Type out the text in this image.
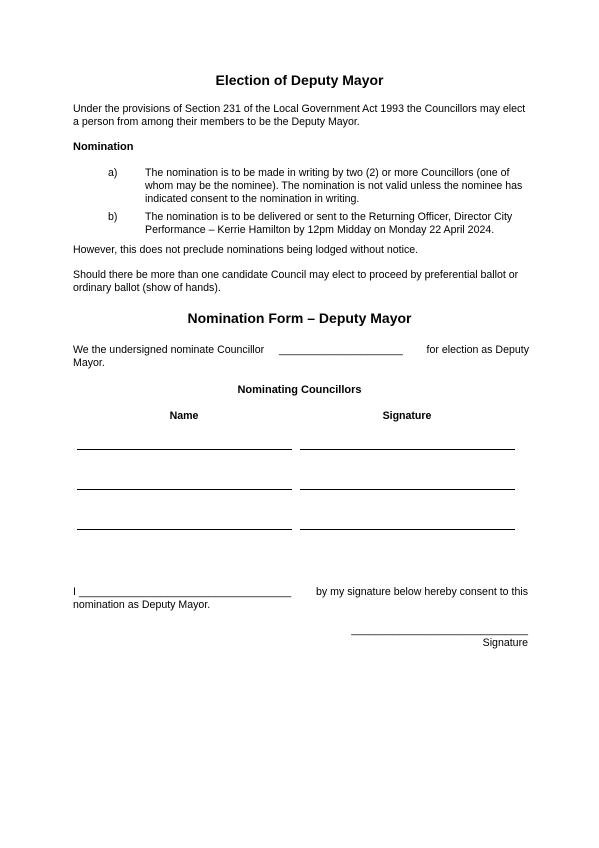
Election of Deputy Mayor
Under the provisions of Section 231 of the Local Government Act 1993 the Councillors may elect a person from among their members to be the Deputy Mayor.
Nomination
a)	The nomination is to be made in writing by two (2) or more Councillors (one of whom may be the nominee). The nomination is not valid unless the nominee has indicated consent to the nomination in writing.
b)	The nomination is to be delivered or sent to the Returning Officer, Director City Performance – Kerrie Hamilton by 12pm Midday on Monday 22 April 2024.
However, this does not preclude nominations being lodged without notice.
Should there be more than one candidate Council may elect to proceed by preferential ballot or ordinary ballot (show of hands).
Nomination Form – Deputy Mayor
We the undersigned nominate Councillor _____________________ for election as Deputy
Mayor.
Nominating Councillors
Name	Signature
I ____________________________________ by my signature below hereby consent to this
nomination as Deputy Mayor.
______________________________
Signature
